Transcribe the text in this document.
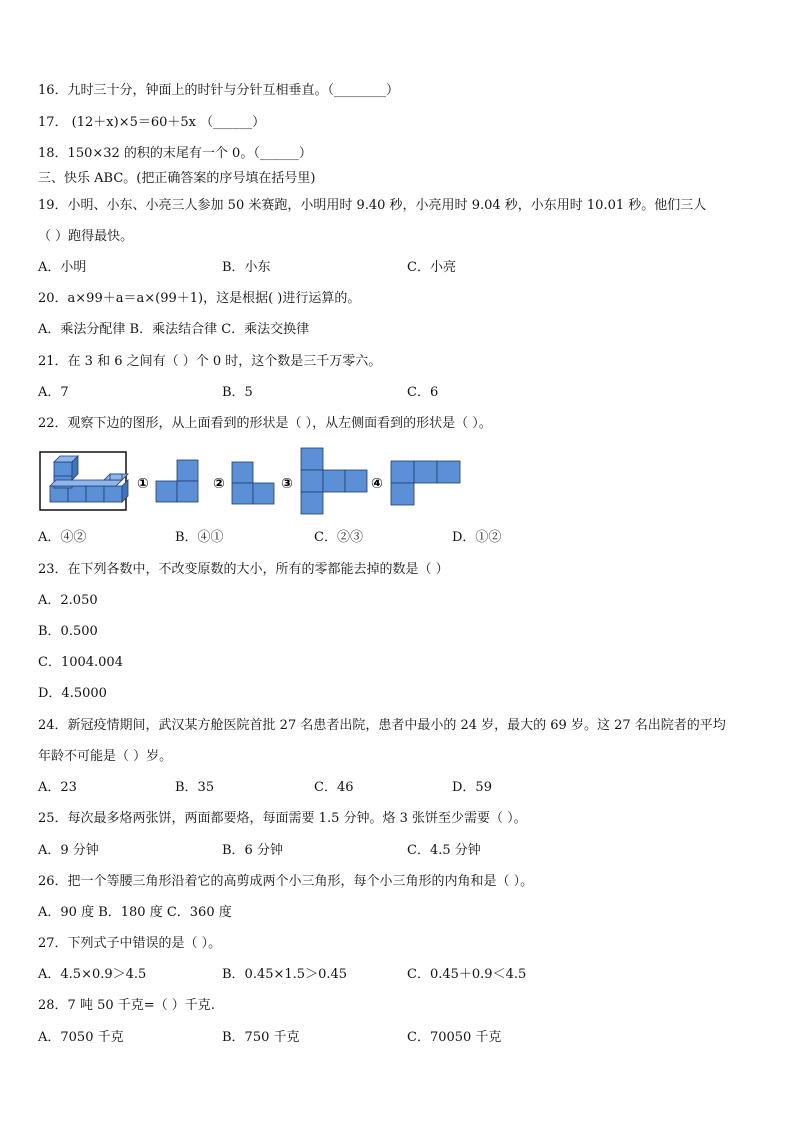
16．九时三十分，钟面上的时针与分针互相垂直。（________）
17． (12＋x)×5＝60＋5x （______）
18．150×32 的积的末尾有一个 0。（______）
三、快乐 ABC。(把正确答案的序号填在括号里)
19．小明、小东、小亮三人参加 50 米赛跑，小明用时 9.40 秒，小亮用时 9.04 秒，小东用时 10.01 秒。他们三人
（ ）跑得最快。
A．小明	B．小东	C．小亮
20．a×99＋a＝a×(99＋1)，这是根据( )进行运算的。
A．乘法分配律 B．乘法结合律 C．乘法交换律
21．在 3 和 6 之间有（ ）个 0 时，这个数是三千万零六。
A．7	B．5	C．6
22．观察下边的图形，从上面看到的形状是（ ），从左侧面看到的形状是（ ）。
①	②	③	④
A．④②	B．④①	C．②③	D．①②
23．在下列各数中，不改变原数的大小，所有的零都能去掉的数是（ ）
A．2.050
B．0.500
C．1004.004
D．4.5000
24．新冠疫情期间，武汉某方舱医院首批 27 名患者出院，患者中最小的 24 岁，最大的 69 岁。这 27 名出院者的平均
年龄不可能是（ ）岁。
A．23	B．35	C．46	D．59
25．每次最多烙两张饼，两面都要烙，每面需要 1.5 分钟。烙 3 张饼至少需要（ ）。
A．9 分钟	B．6 分钟	C．4.5 分钟
26．把一个等腰三角形沿着它的高剪成两个小三角形，每个小三角形的内角和是（ ）。
A．90 度 B．180 度 C．360 度
27．下列式子中错误的是（ ）。
A．4.5×0.9＞4.5	B．0.45×1.5＞0.45	C．0.45＋0.9＜4.5
28．7 吨 50 千克=（ ）千克.
A．7050 千克	B．750 千克	C．70050 千克
